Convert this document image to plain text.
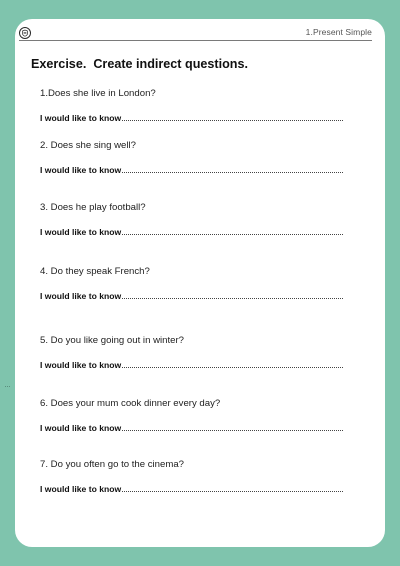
1.Present Simple
Exercise.  Create indirect questions.
1.Does she live in London?
I would like to know
2. Does she sing well?
I would like to know
3. Does he play football?
I would like to know
4. Do they speak French?
I would like to know
5. Do you like going out in winter?
I would like to know
6. Does your mum cook dinner every day?
I would like to know
7. Do you often go to the cinema?
I would like to know
